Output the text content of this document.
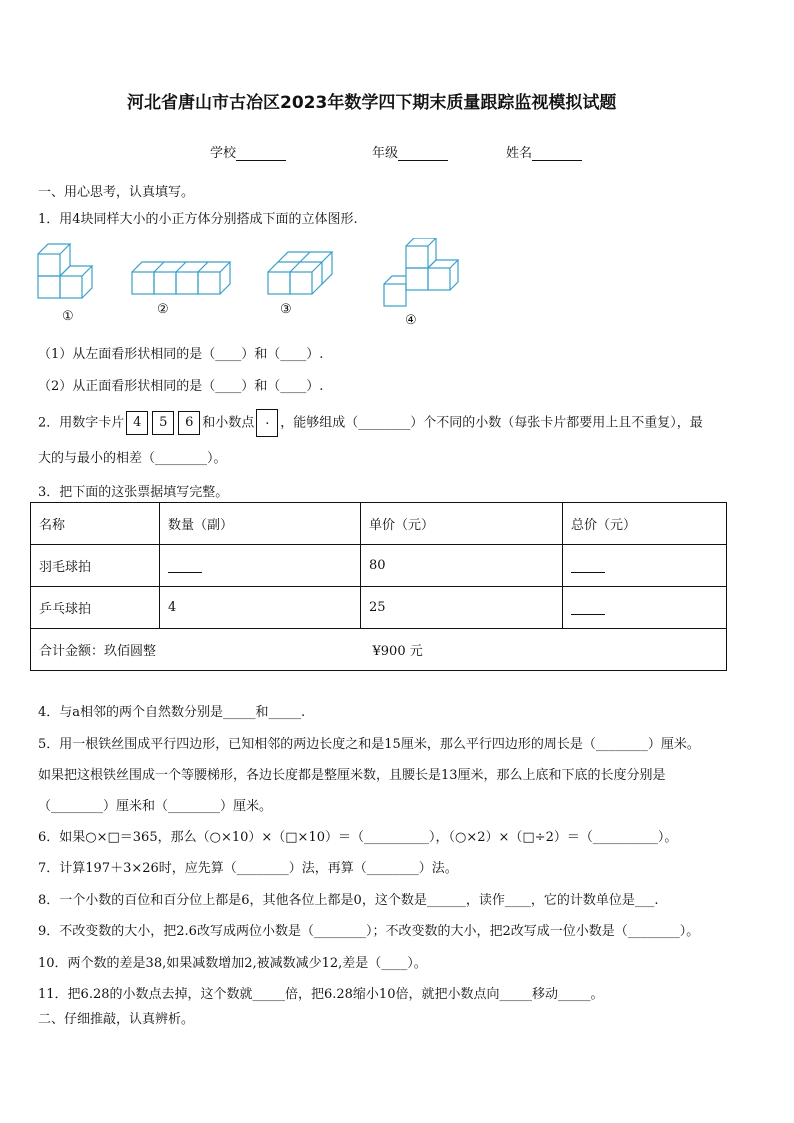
河北省唐山市古冶区2023年数学四下期末质量跟踪监视模拟试题
学校	年级	姓名
一、用心思考，认真填写。
1．用4块同样大小的小正方体分别搭成下面的立体图形.
①	②	③
④
（1）从左面看形状相同的是（____）和（____）.
（2）从正面看形状相同的是（____）和（____）.
2．用数字卡片 4 5 6 和小数点 . ，能够组成（________）个不同的小数（每张卡片都要用上且不重复），最
大的与最小的相差（________）。
3．把下面的这张票据填写完整。
名称	数量（副）	单价（元）	总价（元）
羽毛球拍		80	
乒乓球拍	4	25	
合计金额：玖佰圆整 ¥900 元			
4．与a相邻的两个自然数分别是_____和_____.
5．用一根铁丝围成平行四边形，已知相邻的两边长度之和是15厘米，那么平行四边形的周长是（________）厘米。
如果把这根铁丝围成一个等腰梯形，各边长度都是整厘米数，且腰长是13厘米，那么上底和下底的长度分别是
（________）厘米和（________）厘米。
6．如果○×□＝365，那么（○×10）×（□×10）＝（__________），（○×2）×（□÷2）＝（__________）。
7．计算197＋3×26时，应先算（________）法，再算（________）法。
8．一个小数的百位和百分位上都是6，其他各位上都是0，这个数是______，读作____，它的计数单位是___.
9．不改变数的大小，把2.6改写成两位小数是（________）；不改变数的大小，把2改写成一位小数是（________）。
10．两个数的差是38,如果减数增加2,被减数减少12,差是（____）。
11．把6.28的小数点去掉，这个数就_____倍，把6.28缩小10倍，就把小数点向_____移动_____。
二、仔细推敲，认真辨析。
